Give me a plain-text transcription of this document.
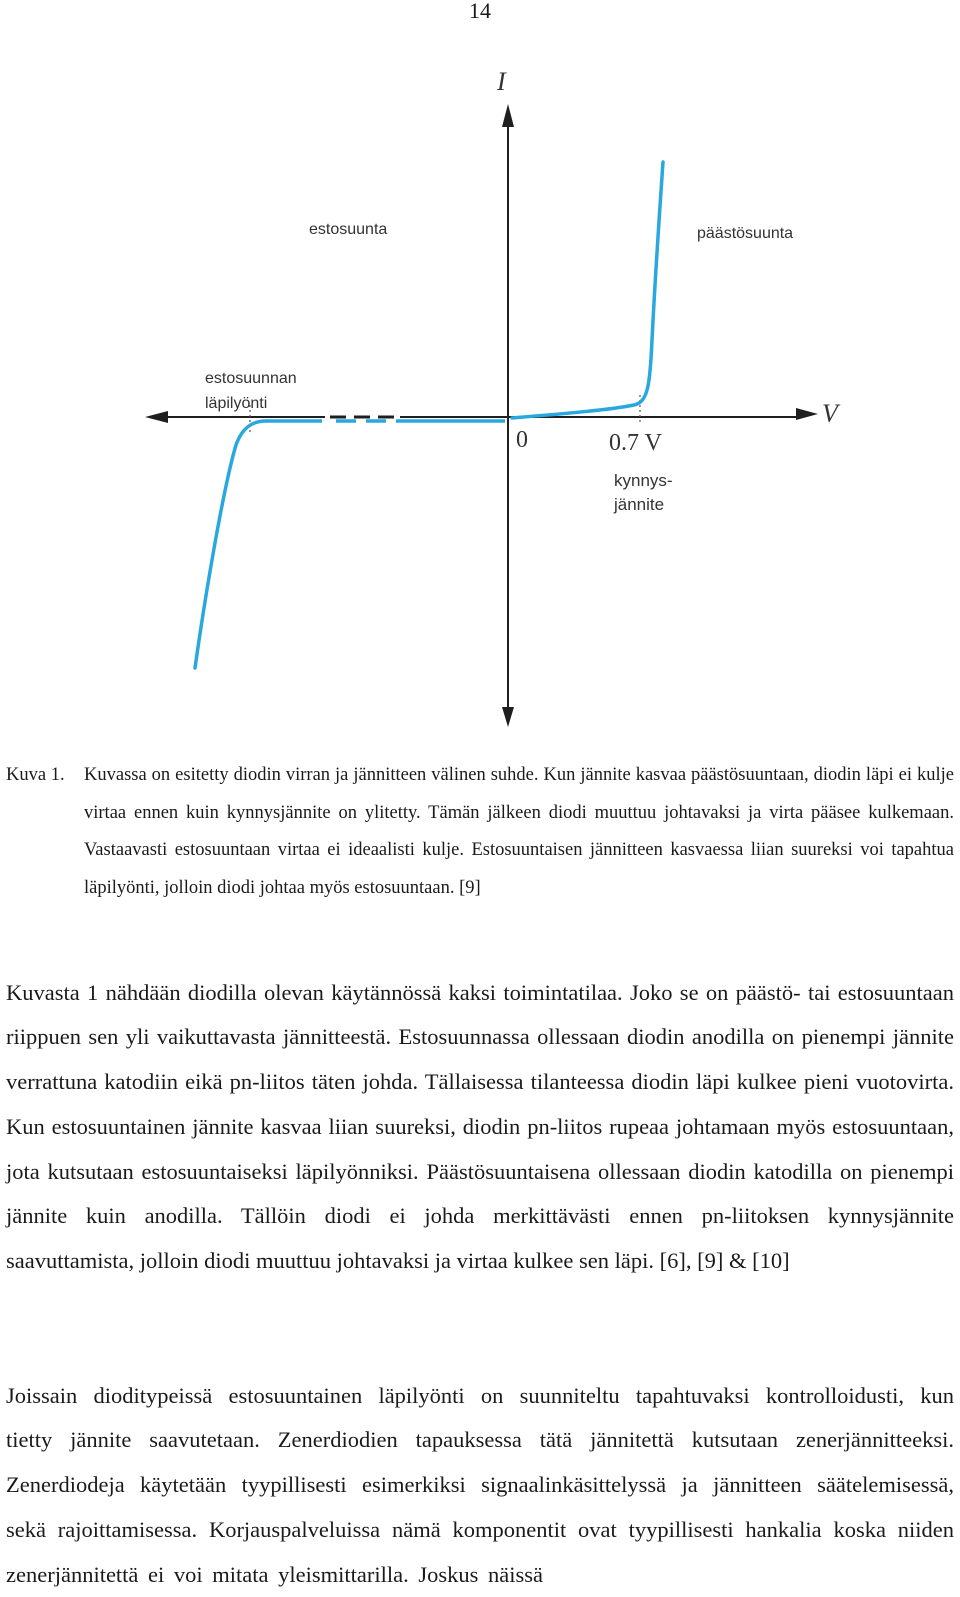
14
I
V
0	0.7 V
kynnys-
jännite
estosuunta	päästösuunta
estosuunnan
läpilyönti
Kuva 1.	Kuvassa on esitetty diodin virran ja jännitteen välinen suhde. Kun jännite kasvaa päästösuuntaan, diodin läpi ei kulje virtaa ennen kuin kynnysjännite on ylitetty. Tämän jälkeen diodi muuttuu johtavaksi ja virta pääsee kulkemaan. Vastaavasti estosuuntaan virtaa ei ideaalisti kulje. Estosuuntaisen jännitteen kasvaessa liian suureksi voi tapahtua läpilyönti, jolloin diodi johtaa myös estosuuntaan. [9]

Kuvasta 1 nähdään diodilla olevan käytännössä kaksi toimintatilaa. Joko se on päästö- tai estosuuntaan riippuen sen yli vaikuttavasta jännitteestä. Estosuunnassa ollessaan diodin anodilla on pienempi jännite verrattuna katodiin eikä pn-liitos täten johda. Tällaisessa tilanteessa diodin läpi kulkee pieni vuotovirta. Kun estosuuntainen jännite kasvaa liian suureksi, diodin pn-liitos rupeaa johtamaan myös estosuuntaan, jota kutsutaan estosuuntaiseksi läpilyönniksi. Päästösuuntaisena ollessaan diodin katodilla on pienempi jännite kuin anodilla. Tällöin diodi ei johda merkittävästi ennen pn-liitoksen kynnysjännite saavuttamista, jolloin diodi muuttuu johtavaksi ja virtaa kulkee sen läpi. [6], [9] & [10]

Joissain dioditypeissä estosuuntainen läpilyönti on suunniteltu tapahtuvaksi kontrolloidusti, kun tietty jännite saavutetaan. Zenerdiodien tapauksessa tätä jännitettä kutsutaan zenerjännitteeksi. Zenerdiodeja käytetään tyypillisesti esimerkiksi signaalinkäsittelyssä ja jännitteen säätelemisessä, sekä rajoittamisessa. Korjauspalveluissa nämä komponentit ovat tyypillisesti hankalia koska niiden zenerjännitettä ei voi mitata yleismittarilla. Joskus näissä
